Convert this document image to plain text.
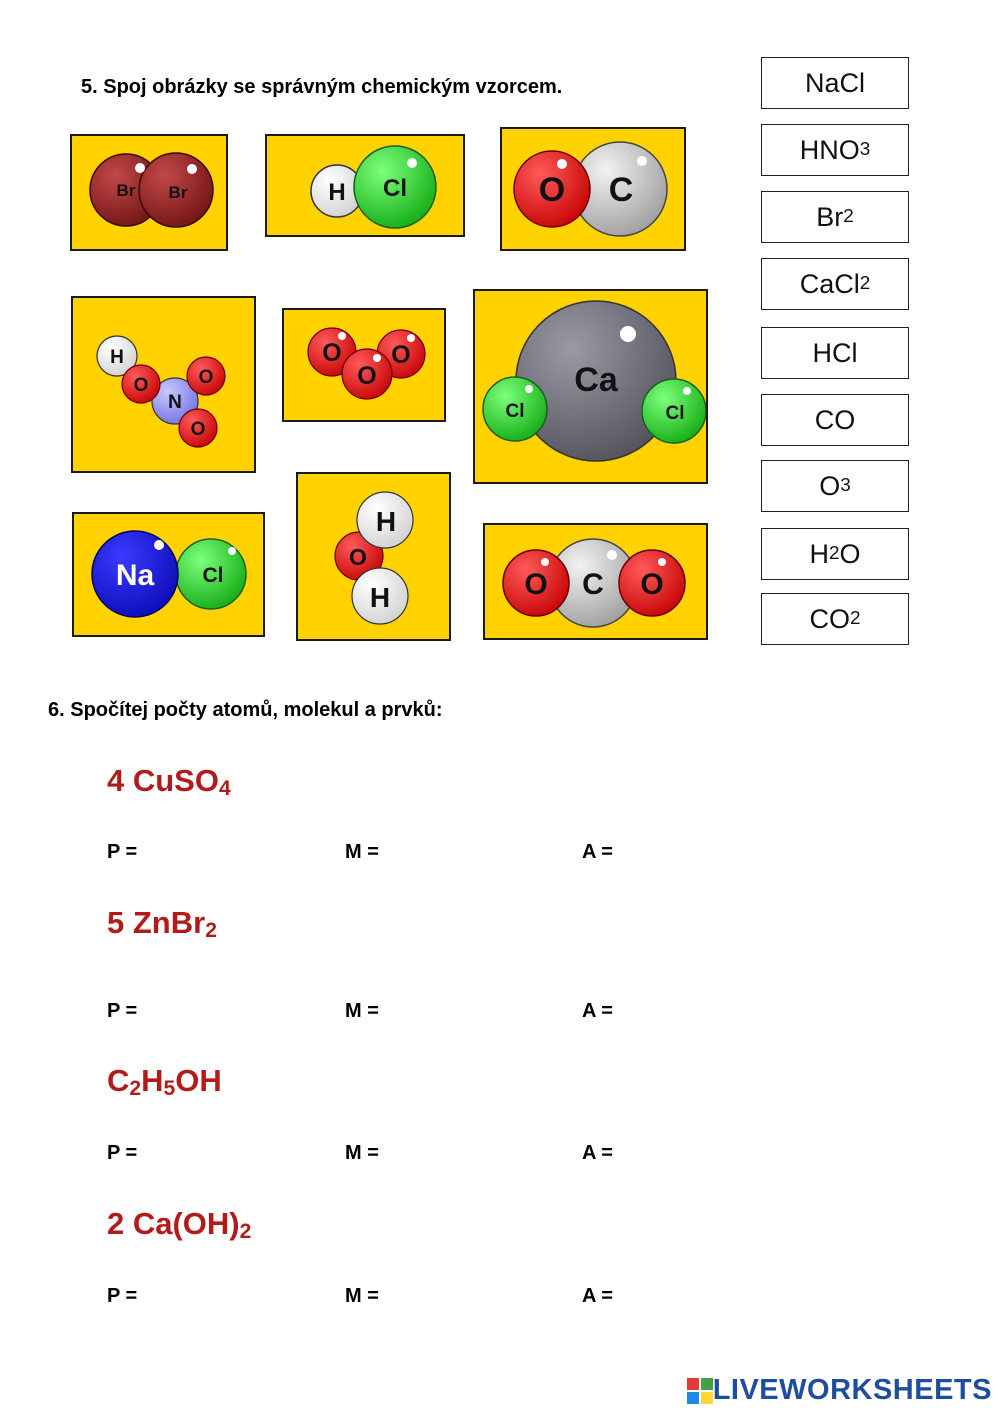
5. Spoj obrázky se správným chemickým vzorcem.
Br Br	H Cl	O C
H
O
N
O
O
O
O
O
Ca
Cl	Cl
Na Cl
O
H
H	O C O
NaCl
HNO 3
Br 2
CaCl 2
HCl
CO
O 3
H 2 O
CO 2
6. Spočítej počty atomů, molekul a prvků:
4 CuSO$_4$
P =	M =	A =
5 ZnBr$_2$
P =	M =	A =
$C_2H_5OH$
P =	M =	A =
2 $Ca(OH)_2$
P =	M =	A =
LIVEWORKSHEETS
